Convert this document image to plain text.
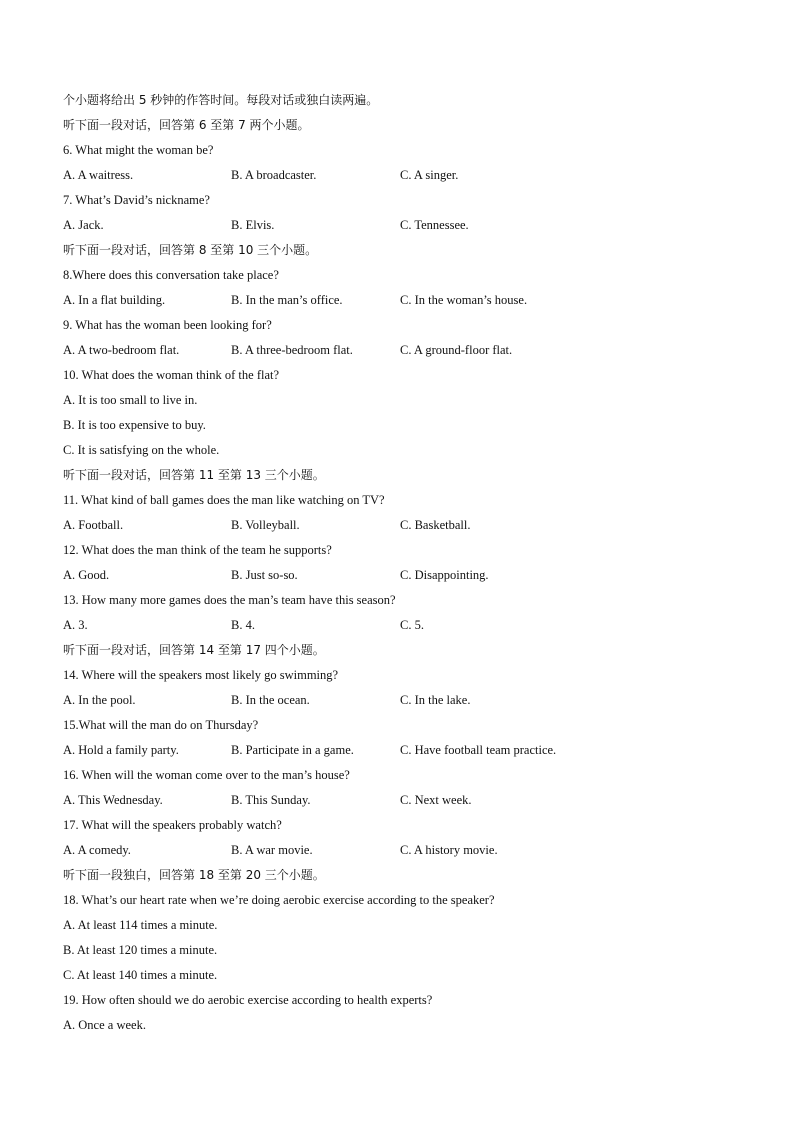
个小题将给出 5 秒钟的作答时间。每段对话或独白读两遍。
听下面一段对话，回答第 6 至第 7 两个小题。
6. What might the woman be?
A. A waitress.	B. A broadcaster.	C. A singer.
7. What’s David’s nickname?
A. Jack.	B. Elvis.	C. Tennessee.
听下面一段对话，回答第 8 至第 10 三个小题。
8.Where does this conversation take place?
A. In a flat building.	B. In the man’s office.	C. In the woman’s house.
9. What has the woman been looking for?
A. A two-bedroom flat.	B. A three-bedroom flat.	C. A ground-floor flat.
10. What does the woman think of the flat?
A. It is too small to live in.
B. It is too expensive to buy.
C. It is satisfying on the whole.
听下面一段对话，回答第 11 至第 13 三个小题。
11. What kind of ball games does the man like watching on TV?
A. Football.	B. Volleyball.	C. Basketball.
12. What does the man think of the team he supports?
A. Good.	B. Just so-so.	C. Disappointing.
13. How many more games does the man’s team have this season?
A. 3.	B. 4.	C. 5.
听下面一段对话，回答第 14 至第 17 四个小题。
14. Where will the speakers most likely go swimming?
A. In the pool.	B. In the ocean.	C. In the lake.
15.What will the man do on Thursday?
A. Hold a family party.	B. Participate in a game.	C. Have football team practice.
16. When will the woman come over to the man’s house?
A. This Wednesday.	B. This Sunday.	C. Next week.
17. What will the speakers probably watch?
A. A comedy.	B. A war movie.	C. A history movie.
听下面一段独白，回答第 18 至第 20 三个小题。
18. What’s our heart rate when we’re doing aerobic exercise according to the speaker?
A. At least 114 times a minute.
B. At least 120 times a minute.
C. At least 140 times a minute.
19. How often should we do aerobic exercise according to health experts?
A. Once a week.
